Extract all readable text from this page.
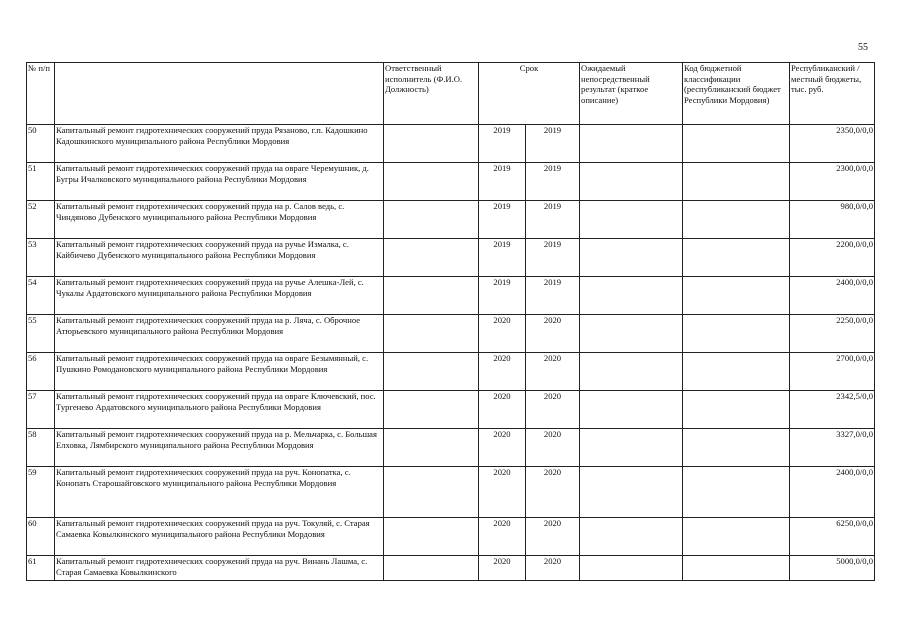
55
№ п/п		Ответственный исполнитель (Ф.И.О. Должность)	Срок		Ожидаемый непосредственный результат (краткое описание)	Код бюджетной классификации (республиканский бюджет Республики Мордовия)	Республиканский /местный бюджеты, тыс. руб.
50	Капитальный ремонт гидротехнических сооружений пруда Рязаново, г.п. Кадошкино Кадошкинского муниципального района Республики Мордовия		2019	2019			2350,0/0,0
51	Капитальный ремонт гидротехнических сооружений пруда на овраге Черемушник, д. Бугры Ичалковского муниципального района Республики Мордовия		2019	2019			2300,0/0,0
52	Капитальный ремонт гидротехнических сооружений пруда на р. Салов ведь, с. Чиндяново Дубенского муниципального района Республики Мордовия		2019	2019			980,0/0,0
53	Капитальный ремонт гидротехнических сооружений пруда на ручье Измалка, с. Кайбичево Дубенского муниципального района Республики Мордовия		2019	2019			2200,0/0,0
54	Капитальный ремонт гидротехнических сооружений пруда на ручье Алешка-Лей, с. Чукалы Ардатовского муниципального района Республики Мордовия		2019	2019			2400,0/0,0
55	Капитальный ремонт гидротехнических сооружений пруда на р. Ляча, с. Оброчное Атюрьевского муниципального района Республики Мордовия		2020	2020			2250,0/0,0
56	Капитальный ремонт гидротехнических сооружений пруда на овраге Безымянный, с. Пушкино Ромодановского муниципального района Республики Мордовия		2020	2020			2700,0/0,0
57	Капитальный ремонт гидротехнических сооружений пруда на овраге Ключевский, пос. Тургенево Ардатовского муниципального района Республики Мордовия		2020	2020			2342,5/0,0
58	Капитальный ремонт гидротехнических сооружений пруда на р. Мельчарка, с. Большая Елховка, Лямбирского муниципального района Республики Мордовия		2020	2020			3327,0/0,0
59	Капитальный ремонт гидротехнических сооружений пруда на руч. Конопатка, с. Конопать Старошайговского муниципального района Республики Мордовия		2020	2020			2400,0/0,0
60	Капитальный ремонт гидротехнических сооружений пруда на руч. Токуляй, с. Старая Самаевка Ковылкинского муниципального района Республики Мордовия		2020	2020			6250,0/0,0
61	Капитальный ремонт гидротехнических сооружений пруда на руч. Винань Лашма, с. Старая Самаевка Ковылкинского		2020	2020			5000,0/0,0
